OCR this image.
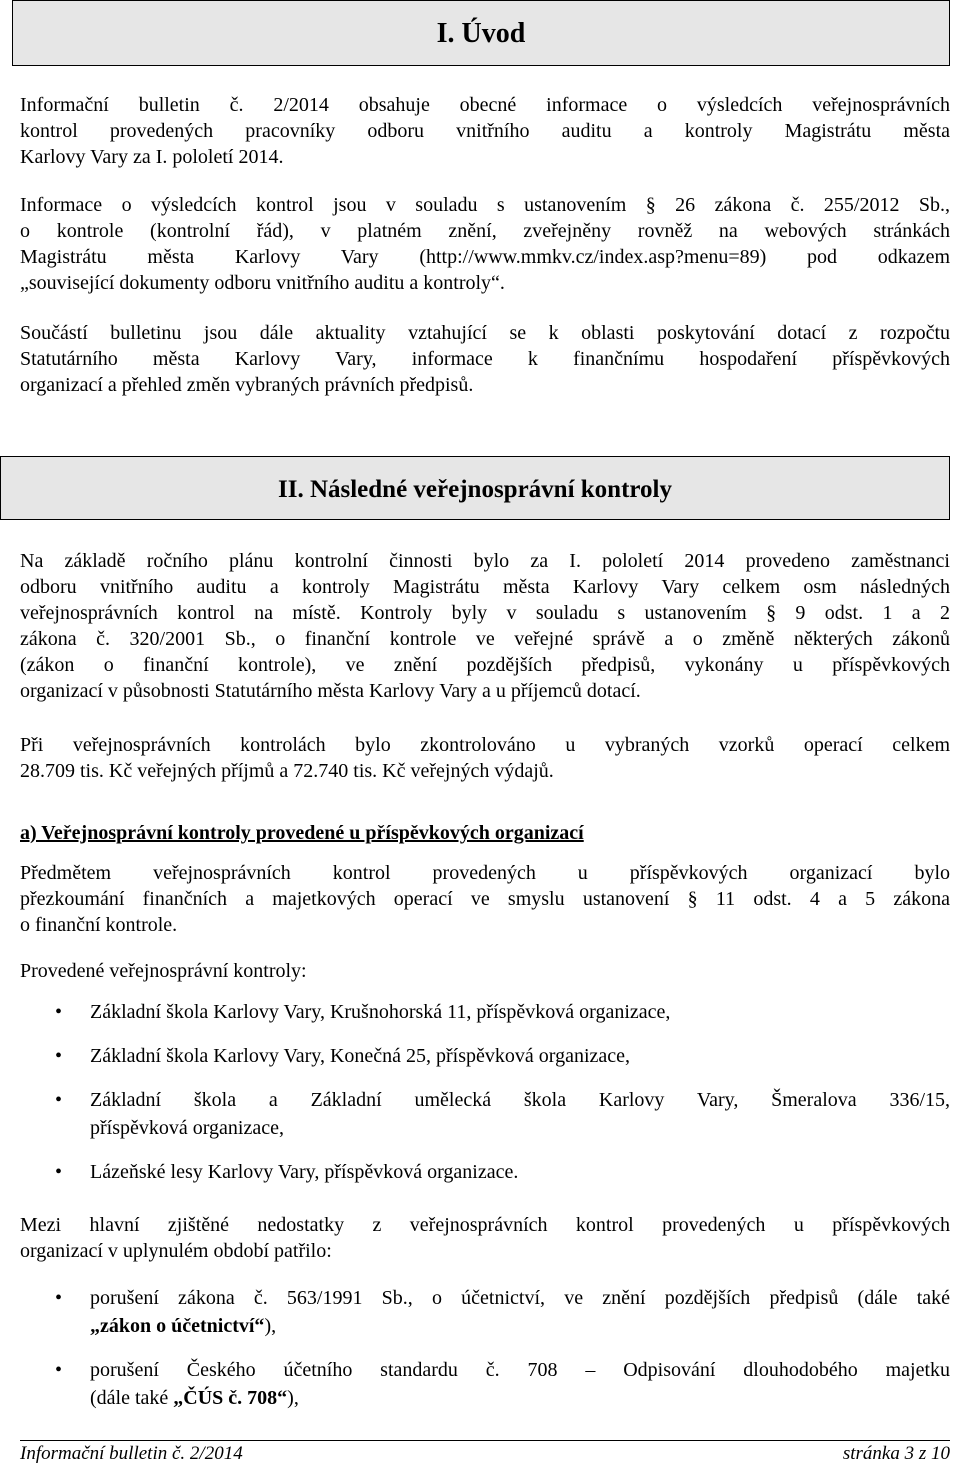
I. Úvod
Informační bulletin č. 2/2014 obsahuje obecné informace o výsledcích veřejnosprávních
kontrol provedených pracovníky odboru vnitřního auditu a kontroly Magistrátu města
Karlovy Vary za I. pololetí 2014.
Informace o výsledcích kontrol jsou v souladu s ustanovením § 26 zákona č. 255/2012 Sb.,
o kontrole (kontrolní řád), v platném znění, zveřejněny rovněž na webových stránkách
Magistrátu města Karlovy Vary (http://www.mmkv.cz/index.asp?menu=89) pod odkazem
„související dokumenty odboru vnitřního auditu a kontroly“.
Součástí bulletinu jsou dále aktuality vztahující se k oblasti poskytování dotací z rozpočtu
Statutárního města Karlovy Vary, informace k finančnímu hospodaření příspěvkových
organizací a přehled změn vybraných právních předpisů.
II. Následné veřejnosprávní kontroly
Na základě ročního plánu kontrolní činnosti bylo za I. pololetí 2014 provedeno zaměstnanci
odboru vnitřního auditu a kontroly Magistrátu města Karlovy Vary celkem osm následných
veřejnosprávních kontrol na místě. Kontroly byly v souladu s ustanovením § 9 odst. 1 a 2
zákona č. 320/2001 Sb., o finanční kontrole ve veřejné správě a o změně některých zákonů
(zákon o finanční kontrole), ve znění pozdějších předpisů, vykonány u příspěvkových
organizací v působnosti Statutárního města Karlovy Vary a u příjemců dotací.
Při veřejnosprávních kontrolách bylo zkontrolováno u vybraných vzorků operací celkem
28.709 tis. Kč veřejných příjmů a 72.740 tis. Kč veřejných výdajů.
a) Veřejnosprávní kontroly provedené u příspěvkových organizací
Předmětem veřejnosprávních kontrol provedených u příspěvkových organizací bylo
přezkoumání finančních a majetkových operací ve smyslu ustanovení § 11 odst. 4 a 5 zákona
o finanční kontrole.
Provedené veřejnosprávní kontroly:
• Základní škola Karlovy Vary, Krušnohorská 11, příspěvková organizace,
• Základní škola Karlovy Vary, Konečná 25, příspěvková organizace,
• Základní škola a Základní umělecká škola Karlovy Vary, Šmeralova 336/15,
příspěvková organizace,
• Lázeňské lesy Karlovy Vary, příspěvková organizace.
Mezi hlavní zjištěné nedostatky z veřejnosprávních kontrol provedených u příspěvkových
organizací v uplynulém období patřilo:
• porušení zákona č. 563/1991 Sb., o účetnictví, ve znění pozdějších předpisů (dále také
„zákon o účetnictví“),
• porušení Českého účetního standardu č. 708 – Odpisování dlouhodobého majetku
(dále také „ČÚS č. 708“),
Informační bulletin č. 2/2014	stránka 3 z 10
